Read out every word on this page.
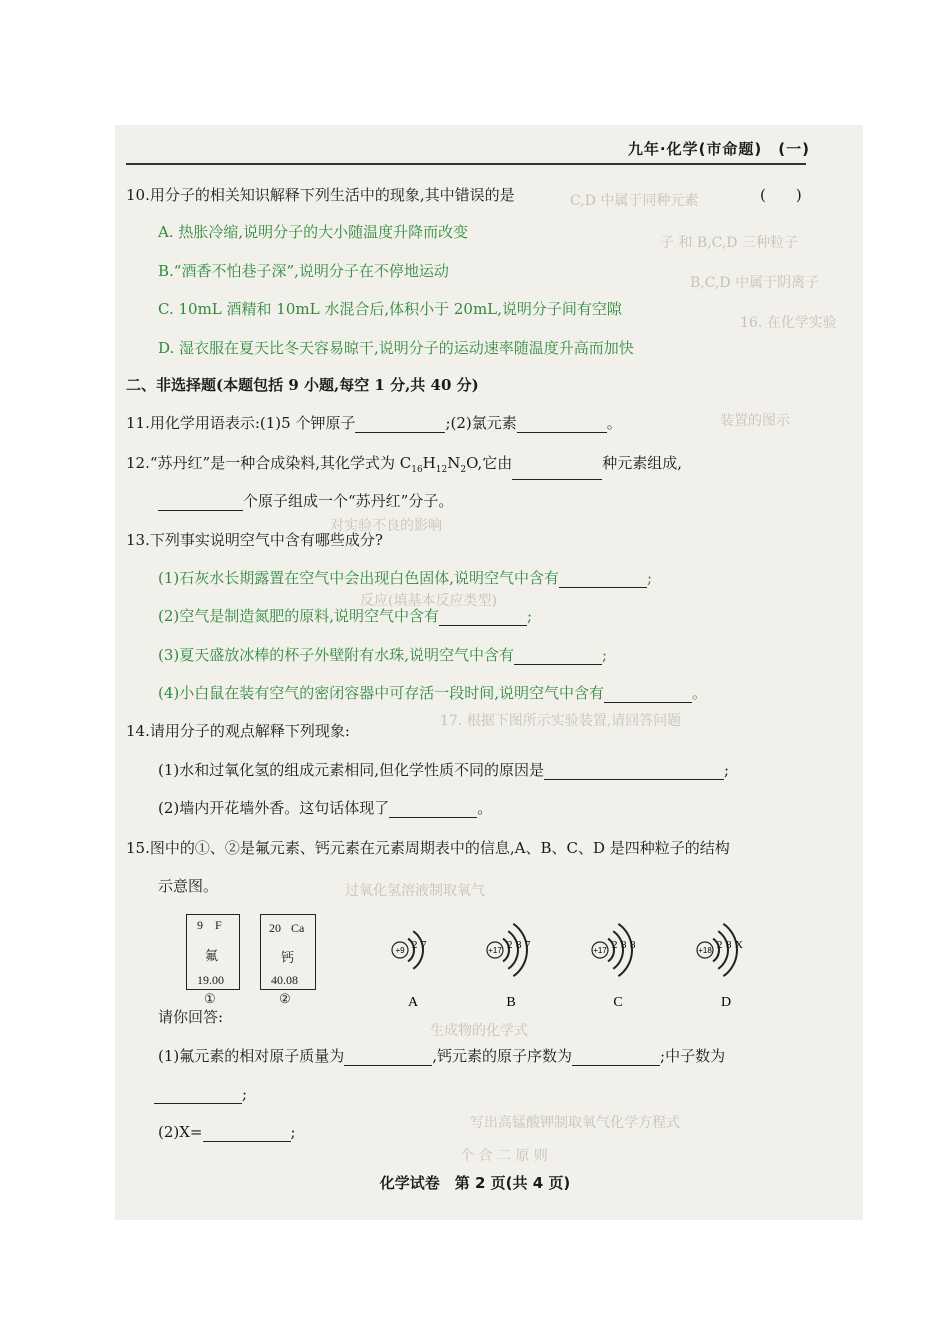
C,D 中属于同种元素
子 和 B,C,D 三种粒子
B,C,D 中属于阴离子
16. 在化学实验
装置的图示
对实验不良的影响
反应(填基本反应类型)
17. 根据下图所示实验装置,请回答问题
过氧化氢溶液制取氧气
生成物的化学式
写出高锰酸钾制取氧气化学方程式
个 合 二 原 则
九年·化学(市命题)　(一)
10.用分子的相关知识解释下列生活中的现象,其中错误的是	(　　)
A. 热胀冷缩,说明分子的大小随温度升降而改变
B.“酒香不怕巷子深”,说明分子在不停地运动
C. 10mL 酒精和 10mL 水混合后,体积小于 20mL,说明分子间有空隙
D. 湿衣服在夏天比冬天容易晾干,说明分子的运动速率随温度升高而加快
二、非选择题(本题包括 9 小题,每空 1 分,共 40 分)
11.用化学用语表示:(1)5 个钾原子	;(2)氯元素	。
12.“苏丹红”是一种合成染料,其化学式为 $C_{16}H_{12}N_2O$,它由	种元素组成,
个原子组成一个“苏丹红”分子。
13.下列事实说明空气中含有哪些成分?
(1)石灰水长期露置在空气中会出现白色固体,说明空气中含有	;
(2)空气是制造氮肥的原料,说明空气中含有	;
(3)夏天盛放冰棒的杯子外壁附有水珠,说明空气中含有	;
(4)小白鼠在装有空气的密闭容器中可存活一段时间,说明空气中含有	。
14.请用分子的观点解释下列现象:
(1)水和过氧化氢的组成元素相同,但化学性质不同的原因是	;
(2)墙内开花墙外香。这句话体现了	。
15.图中的①、②是氟元素、钙元素在元素周期表中的信息,A、B、C、D 是四种粒子的结构
示意图。
9 F
氟
19.00
①
20 Ca
钙
40.08
②
+9 2 7
A
+17 2 8 7
B
+17 2 8 8
C
+18 2 8 X
D
请你回答:
(1)氟元素的相对原子质量为	,钙元素的原子序数为	;中子数为
;
(2)X=	;
化学试卷　第 2 页(共 4 页)
